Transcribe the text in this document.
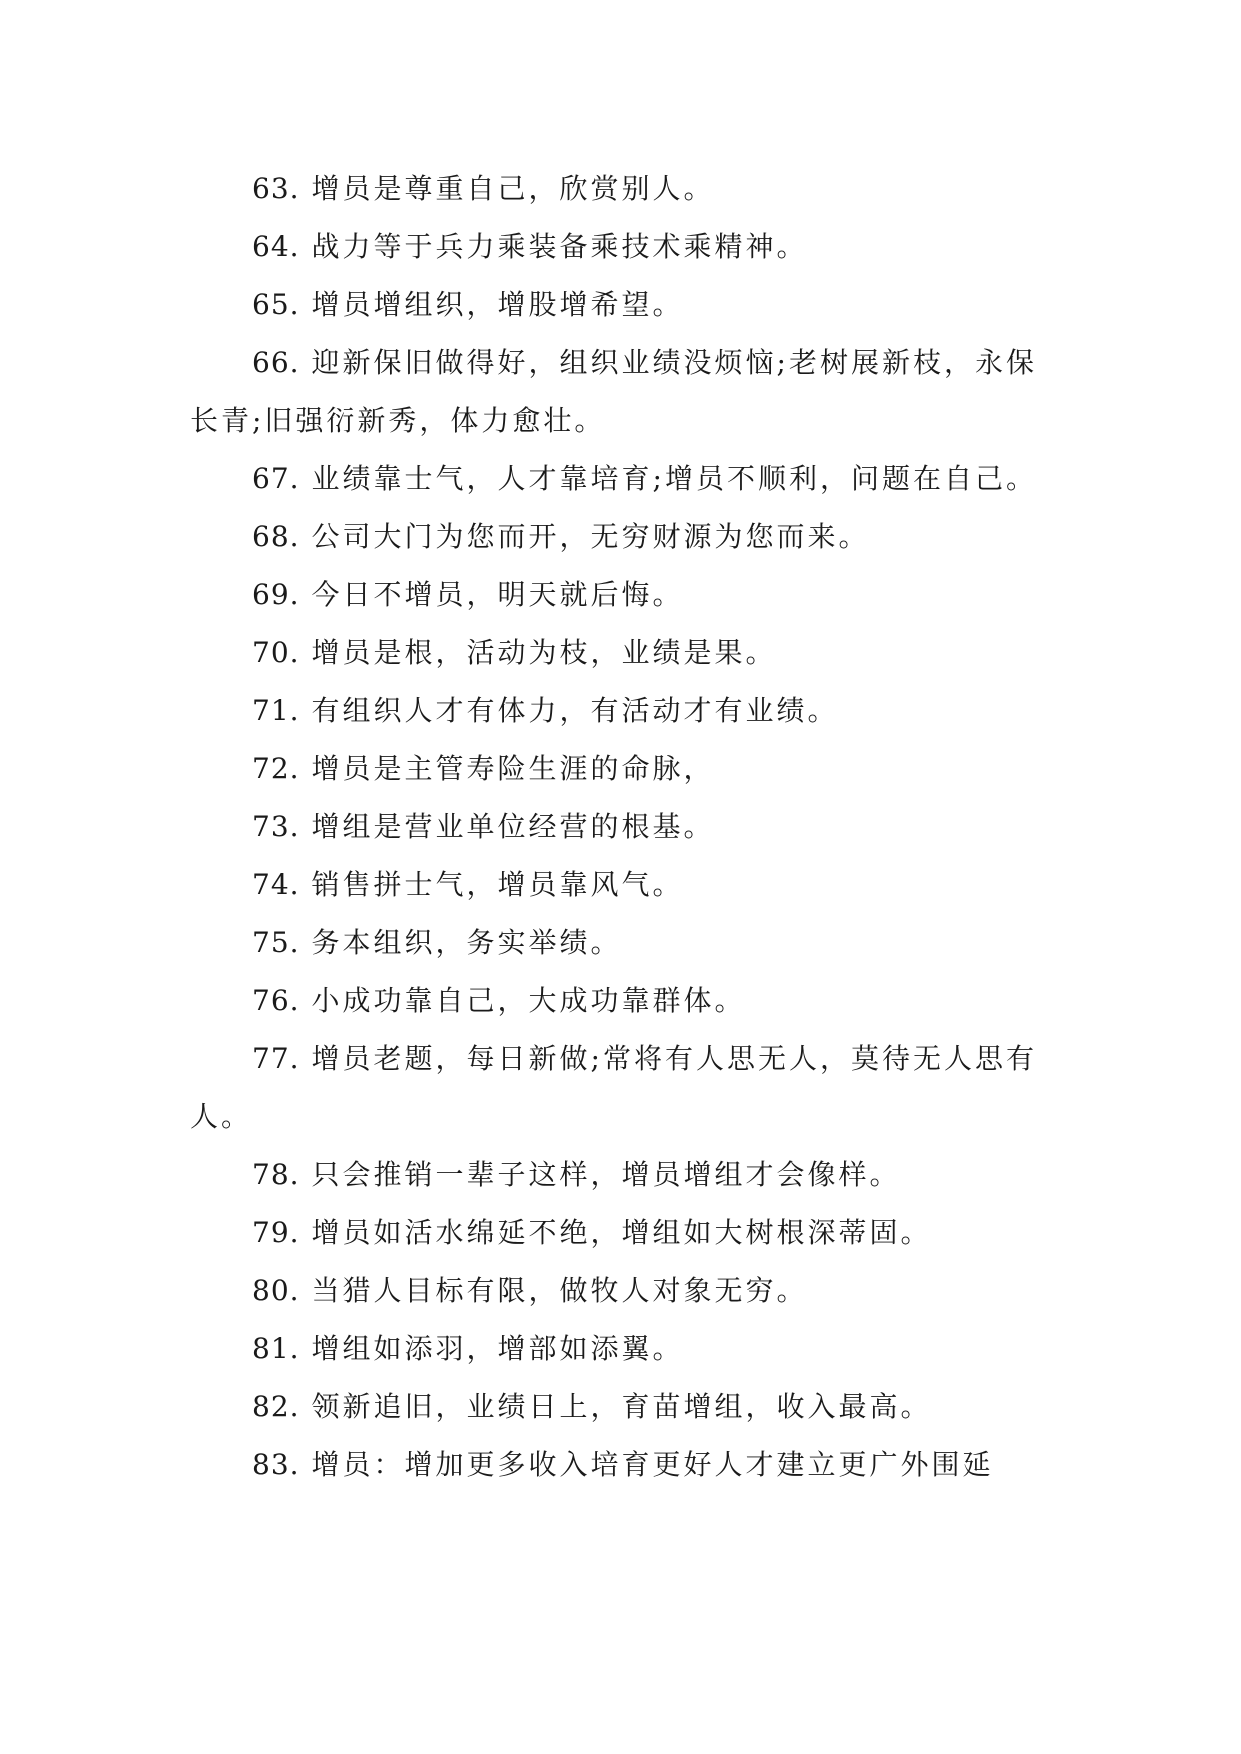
63. 增员是尊重自己，欣赏别人。

64. 战力等于兵力乘装备乘技术乘精神。

65. 增员增组织，增股增希望。

66. 迎新保旧做得好，组织业绩没烦恼;老树展新枝，永保长青;旧强衍新秀，体力愈壮。

67. 业绩靠士气，人才靠培育;增员不顺利，问题在自己。

68. 公司大门为您而开，无穷财源为您而来。

69. 今日不增员，明天就后悔。

70. 增员是根，活动为枝，业绩是果。

71. 有组织人才有体力，有活动才有业绩。

72. 增员是主管寿险生涯的命脉，

73. 增组是营业单位经营的根基。

74. 销售拼士气，增员靠风气。

75. 务本组织，务实举绩。

76. 小成功靠自己，大成功靠群体。

77. 增员老题，每日新做;常将有人思无人，莫待无人思有人。

78. 只会推销一辈子这样，增员增组才会像样。

79. 增员如活水绵延不绝，增组如大树根深蒂固。

80. 当猎人目标有限，做牧人对象无穷。

81. 增组如添羽，增部如添翼。

82. 领新追旧，业绩日上，育苗增组，收入最高。

83. 增员：增加更多收入培育更好人才建立更广外围延
